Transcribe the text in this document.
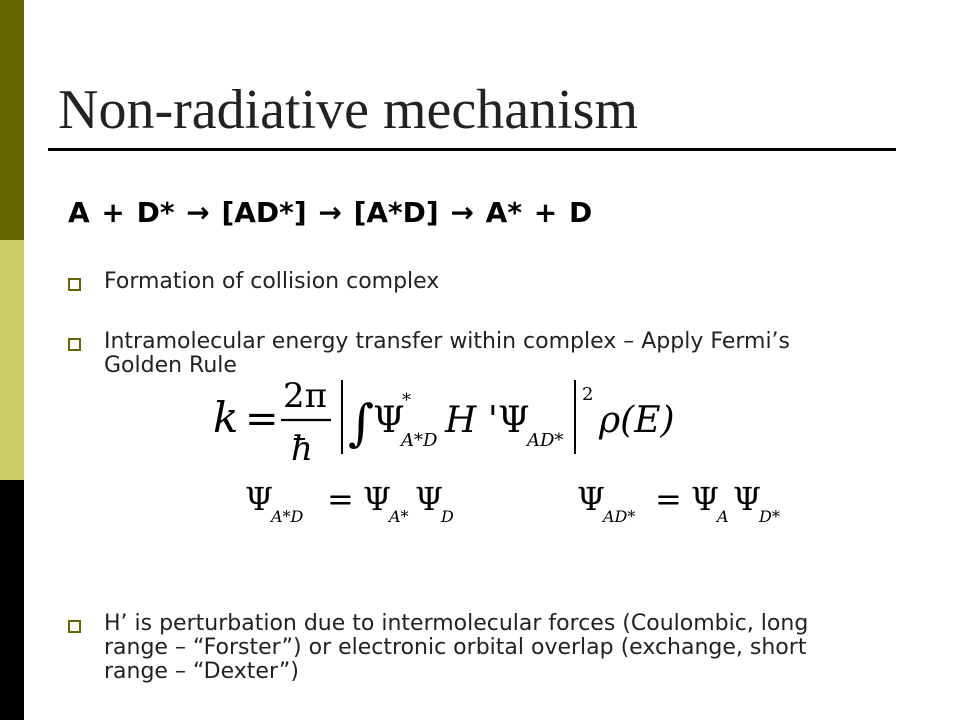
Non-radiative mechanism
A + D* → [AD*] → [A*D] → A* + D
Formation of collision complex
Intramolecular energy transfer within complex – Apply Fermi’s Golden Rule
H’ is perturbation due to intermolecular forces (Coulombic, long range – “Forster”) or electronic orbital overlap (exchange, short range – “Dexter”)
k = 2π
ħ ∫
Ψ
*
A*D H ' Ψ
AD*
2
ρ(E)
Ψ
A*D = Ψ
A* Ψ
D	Ψ
AD* = Ψ
A Ψ
D*
